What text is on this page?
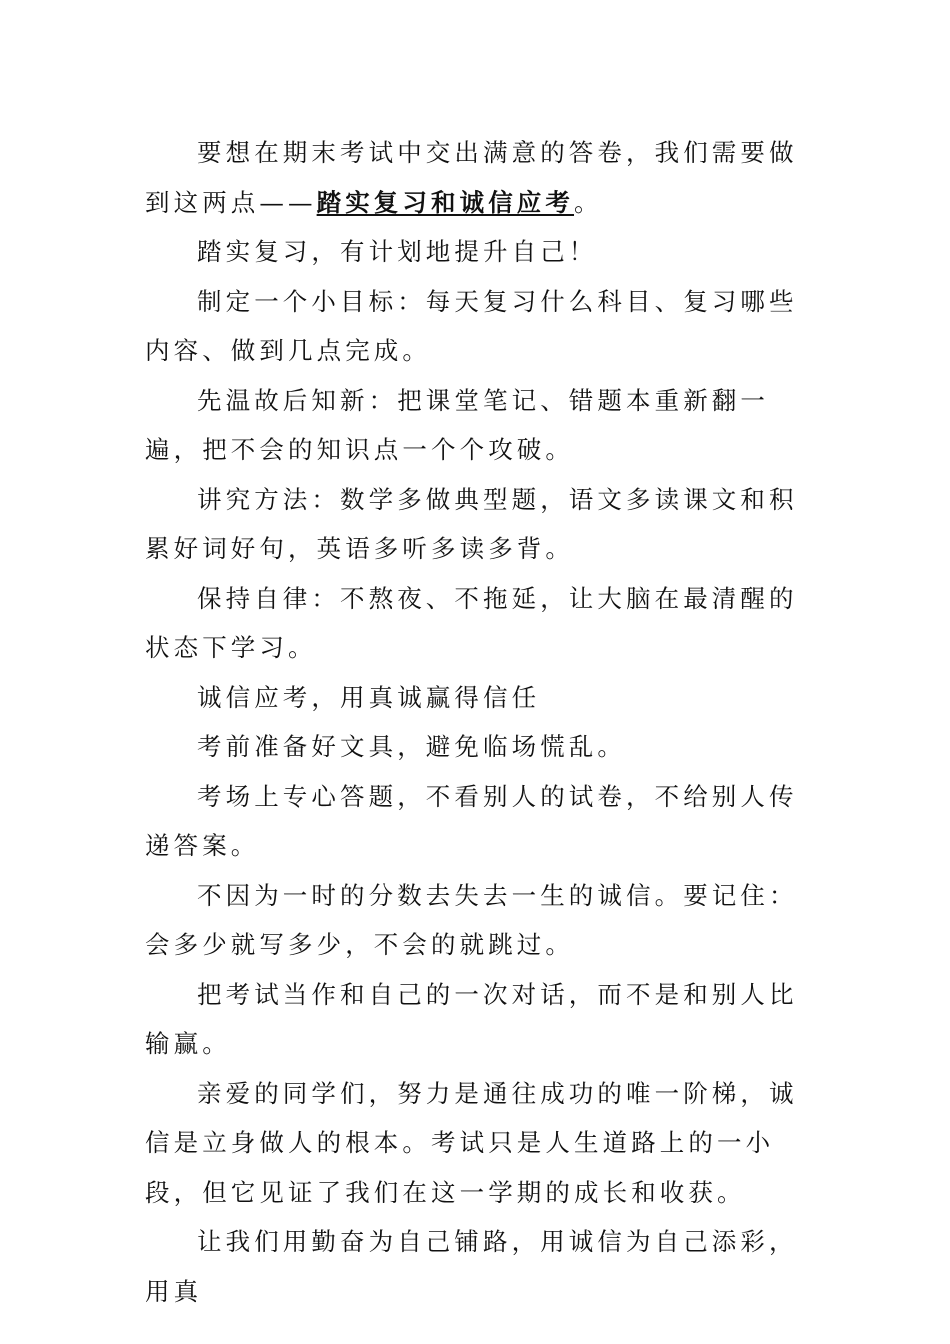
要想在期末考试中交出满意的答卷，我们需要做到这两点——踏实复习和诚信应考。

踏实复习，有计划地提升自己！

制定一个小目标：每天复习什么科目、复习哪些内容、做到几点完成。

先温故后知新：把课堂笔记、错题本重新翻一遍，把不会的知识点一个个攻破。

讲究方法：数学多做典型题，语文多读课文和积累好词好句，英语多听多读多背。

保持自律：不熬夜、不拖延，让大脑在最清醒的状态下学习。

诚信应考，用真诚赢得信任

考前准备好文具，避免临场慌乱。

考场上专心答题，不看别人的试卷，不给别人传递答案。

不因为一时的分数去失去一生的诚信。要记住：会多少就写多少，不会的就跳过。

把考试当作和自己的一次对话，而不是和别人比输赢。

亲爱的同学们，努力是通往成功的唯一阶梯，诚信是立身做人的根本。考试只是人生道路上的一小段，但它见证了我们在这一学期的成长和收获。

让我们用勤奋为自己铺路，用诚信为自己添彩，用真
